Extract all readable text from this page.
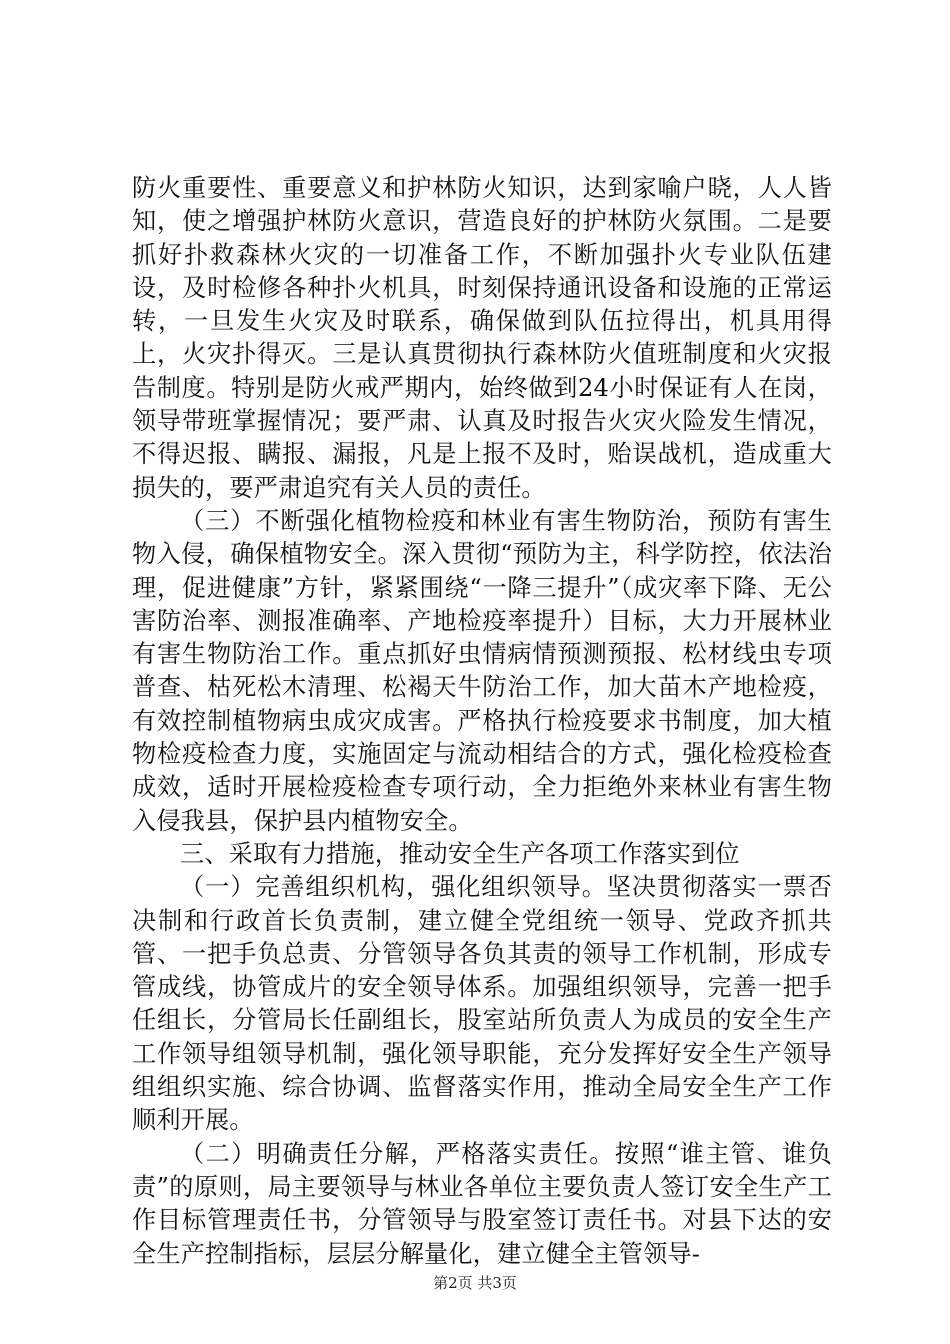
防火重要性、重要意义和护林防火知识，达到家喻户晓，人人皆知，使之增强护林防火意识，营造良好的护林防火氛围。二是要抓好扑救森林火灾的一切准备工作，不断加强扑火专业队伍建设，及时检修各种扑火机具，时刻保持通讯设备和设施的正常运转，一旦发生火灾及时联系，确保做到队伍拉得出，机具用得上，火灾扑得灭。三是认真贯彻执行森林防火值班制度和火灾报告制度。特别是防火戒严期内，始终做到24小时保证有人在岗，领导带班掌握情况；要严肃、认真及时报告火灾火险发生情况，不得迟报、瞒报、漏报，凡是上报不及时，贻误战机，造成重大损失的，要严肃追究有关人员的责任。

（三）不断强化植物检疫和林业有害生物防治，预防有害生物入侵，确保植物安全。深入贯彻“预防为主，科学防控，依法治理，促进健康”方针，紧紧围绕“一降三提升”（成灾率下降、无公害防治率、测报准确率、产地检疫率提升）目标，大力开展林业有害生物防治工作。重点抓好虫情病情预测预报、松材线虫专项普查、枯死松木清理、松褐天牛防治工作，加大苗木产地检疫，有效控制植物病虫成灾成害。严格执行检疫要求书制度，加大植物检疫检查力度，实施固定与流动相结合的方式，强化检疫检查成效，适时开展检疫检查专项行动，全力拒绝外来林业有害生物入侵我县，保护县内植物安全。

三、采取有力措施，推动安全生产各项工作落实到位

（一）完善组织机构，强化组织领导。坚决贯彻落实一票否决制和行政首长负责制，建立健全党组统一领导、党政齐抓共管、一把手负总责、分管领导各负其责的领导工作机制，形成专管成线，协管成片的安全领导体系。加强组织领导，完善一把手任组长，分管局长任副组长，股室站所负责人为成员的安全生产工作领导组领导机制，强化领导职能，充分发挥好安全生产领导组组织实施、综合协调、监督落实作用，推动全局安全生产工作顺利开展。

（二）明确责任分解，严格落实责任。按照“谁主管、谁负责”的原则，局主要领导与林业各单位主要负责人签订安全生产工作目标管理责任书，分管领导与股室签订责任书。对县下达的安全生产控制指标，层层分解量化，建立健全主管领导-

第2页 共3页
